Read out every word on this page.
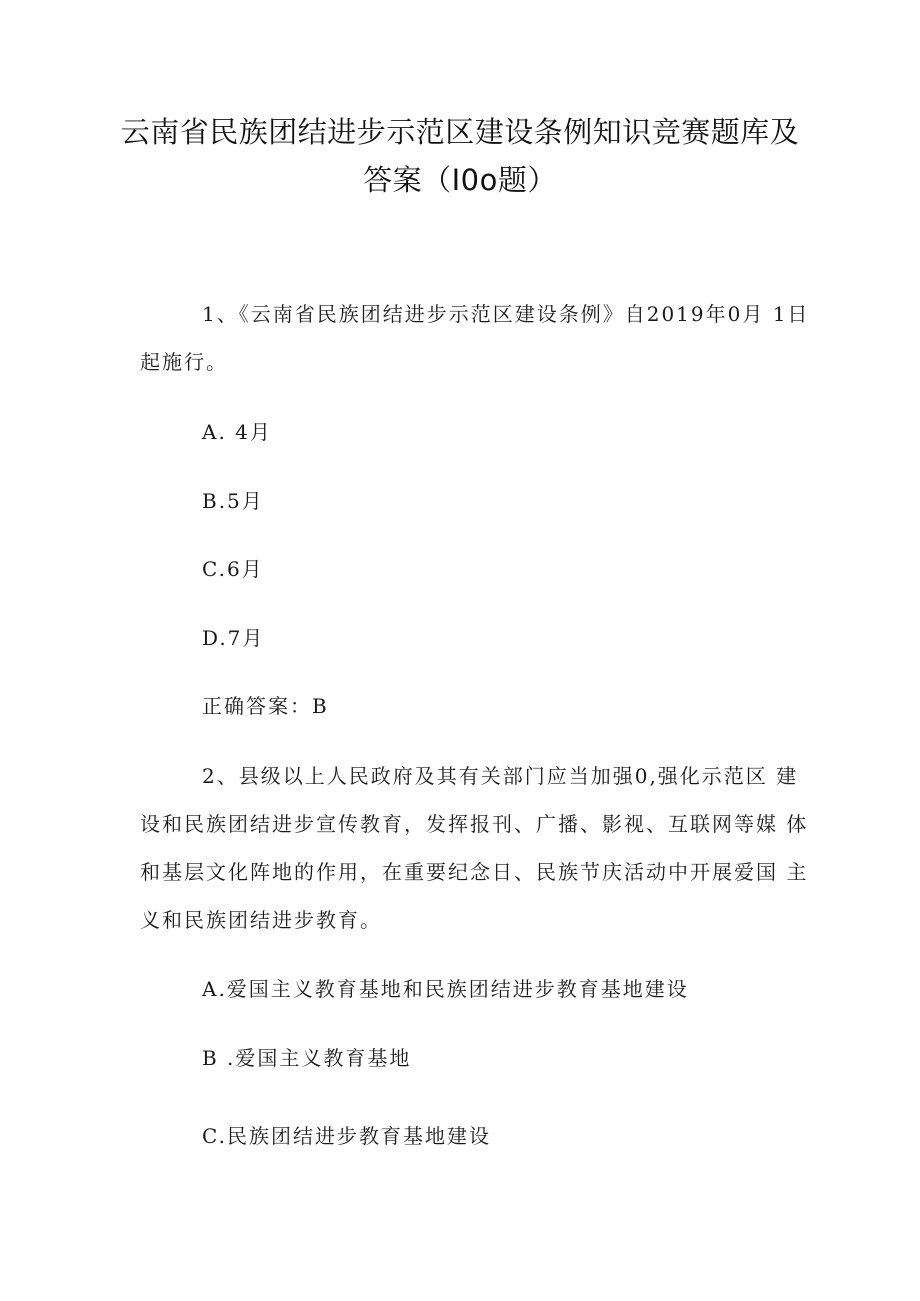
云南省民族团结进步示范区建设条例知识竞赛题库及
答案（I0o题）

1、《云南省民族团结进步示范区建设条例》自2019年0月 1日

起施行。

A. 4月

B.5月

C.6月

D.7月

正确答案：B

2、县级以上人民政府及其有关部门应当加强0,强化示范区 建

设和民族团结进步宣传教育，发挥报刊、广播、影视、互联网等媒 体

和基层文化阵地的作用，在重要纪念日、民族节庆活动中开展爱国 主

义和民族团结进步教育。

A.爱国主义教育基地和民族团结进步教育基地建设

B .爱国主义教育基地

C.民族团结进步教育基地建设
